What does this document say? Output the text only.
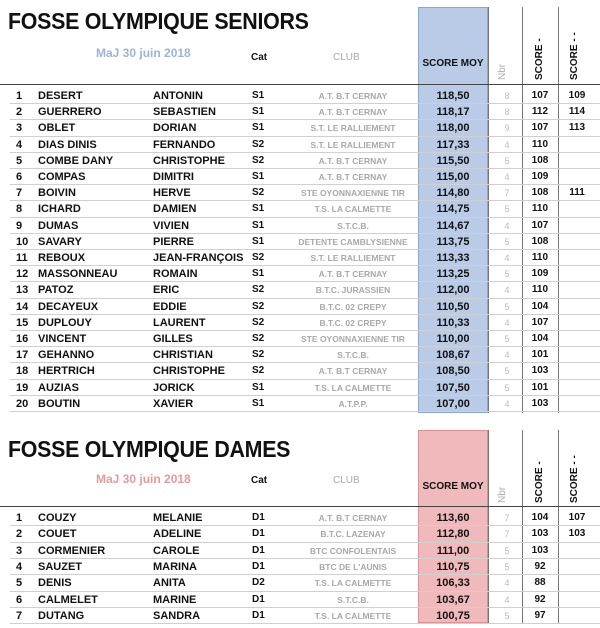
FOSSE OLYMPIQUE SENIORS
MaJ 30 juin 2018	Cat	CLUB
SCORE MOY
Nbr	SCORE - SCORE - -
1	DESERT	ANTONIN	S1	A.T. B.T CERNAY	118,50	8	107	109
2	GUERRERO	SEBASTIEN	S1	A.T. B.T CERNAY	118,17	8	112	114
3	OBLET	DORIAN	S1	S.T. LE RALLIEMENT	118,00	9	107	113
4	DIAS DINIS	FERNANDO	S2	S.T. LE RALLIEMENT	117,33	4	110
5	COMBE DANY	CHRISTOPHE	S2	A.T. B.T CERNAY	115,50	5	108
6	COMPAS	DIMITRI	S1	A.T. B.T CERNAY	115,00	4	109
7	BOIVIN	HERVE	S2	STE OYONNAXIENNE TIR	114,80	7	108	111
8	ICHARD	DAMIEN	S1	T.S. LA CALMETTE	114,75	5	110
9	DUMAS	VIVIEN	S1	S.T.C.B.	114,67	4	107
10 SAVARY	PIERRE	S1	DETENTE CAMBLYSIENNE	113,75	5	108
11 REBOUX	JEAN-FRANÇOIS S2	S.T. LE RALLIEMENT	113,33	4	110
12 MASSONNEAU	ROMAIN	S1	A.T. B.T CERNAY	113,25	5	109
13 PATOZ	ERIC	S2	B.T.C. JURASSIEN	112,00	4	110
14 DECAYEUX	EDDIE	S2	B.T.C. 02 CREPY	110,50	5	104
15 DUPLOUY	LAURENT	S2	B.T.C. 02 CREPY	110,33	4	107
16 VINCENT	GILLES	S2	STE OYONNAXIENNE TIR	110,00	5	104
17 GEHANNO	CHRISTIAN	S2	S.T.C.B.	108,67	4	101
18 HERTRICH	CHRISTOPHE	S2	A.T. B.T CERNAY	108,50	5	103
19 AUZIAS	JORICK	S1	T.S. LA CALMETTE	107,50	5	101
20 BOUTIN	XAVIER	S1	A.T.P.P.	107,00	4	103
FOSSE OLYMPIQUE DAMES
MaJ 30 juin 2018	Cat	CLUB
SCORE MOY
Nbr	SCORE - SCORE - -
1	COUZY	MELANIE	D1	A.T. B.T CERNAY	113,60	7	104	107
2	COUET	ADELINE	D1	B.T.C. LAZENAY	112,80	7	103	103
3	CORMENIER	CAROLE	D1	BTC CONFOLENTAIS	111,00	5	103
4	SAUZET	MARINA	D1	BTC DE L'AUNIS	110,75	5	92
5	DENIS	ANITA	D2	T.S. LA CALMETTE	106,33	4	88
6	CALMELET	MARINE	D1	S.T.C.B.	103,67	4	92
7	DUTANG	SANDRA	D1	T.S. LA CALMETTE	100,75	5	97
